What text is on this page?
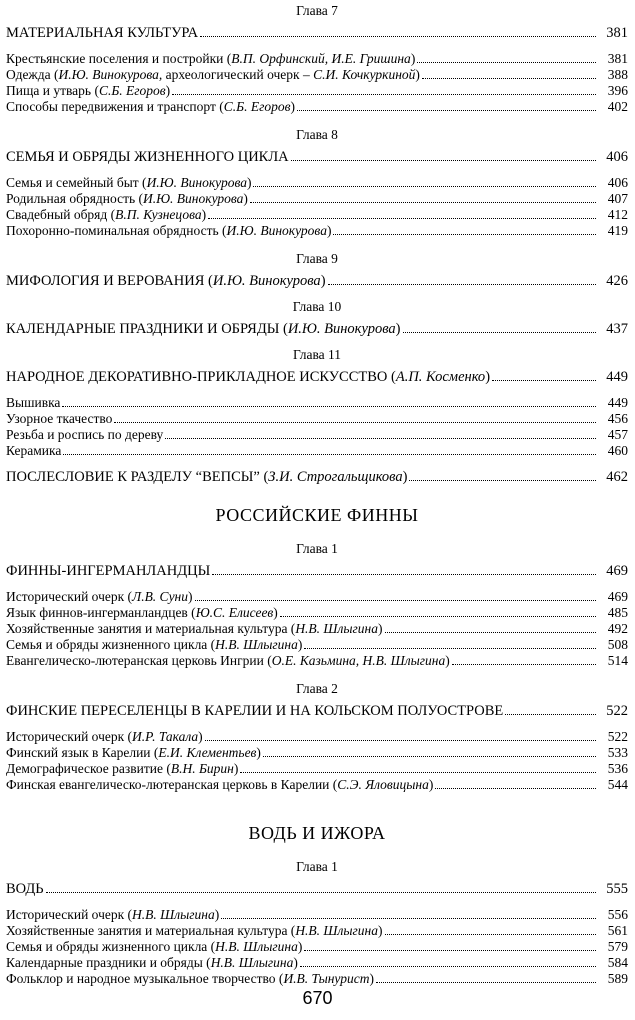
Глава 7
МАТЕРИАЛЬНАЯ КУЛЬТУРА	381
Крестьянские поселения и постройки (В.П. Орфинский, И.Е. Гришина)	381
Одежда (И.Ю. Винокурова, археологический очерк – С.И. Кочкуркиной)	388
Пища и утварь (С.Б. Егоров)	396
Способы передвижения и транспорт (С.Б. Егоров)	402
Глава 8
СЕМЬЯ И ОБРЯДЫ ЖИЗНЕННОГО ЦИКЛА	406
Семья и семейный быт (И.Ю. Винокурова)	406
Родильная обрядность (И.Ю. Винокурова)	407
Свадебный обряд (В.П. Кузнецова)	412
Похоронно-поминальная обрядность (И.Ю. Винокурова)	419
Глава 9
МИФОЛОГИЯ И ВЕРОВАНИЯ (И.Ю. Винокурова)	426
Глава 10
КАЛЕНДАРНЫЕ ПРАЗДНИКИ И ОБРЯДЫ (И.Ю. Винокурова)	437
Глава 11
НАРОДНОЕ ДЕКОРАТИВНО-ПРИКЛАДНОЕ ИСКУССТВО (А.П. Косменко)	449
Вышивка	449
Узорное ткачество	456
Резьба и роспись по дереву	457
Керамика	460
ПОСЛЕСЛОВИЕ К РАЗДЕЛУ “ВЕПСЫ” (З.И. Строгальщикова)	462
РОССИЙСКИЕ ФИННЫ
Глава 1
ФИННЫ-ИНГЕРМАНЛАНДЦЫ	469
Исторический очерк (Л.В. Суни)	469
Язык финнов-ингерманландцев (Ю.С. Елисеев)	485
Хозяйственные занятия и материальная культура (Н.В. Шлыгина)	492
Семья и обряды жизненного цикла (Н.В. Шлыгина)	508
Евангелическо-лютеранская церковь Ингрии (О.Е. Казьмина, Н.В. Шлыгина)	514
Глава 2
ФИНСКИЕ ПЕРЕСЕЛЕНЦЫ В КАРЕЛИИ И НА КОЛЬСКОМ ПОЛУОСТРОВЕ	522
Исторический очерк (И.Р. Такала)	522
Финский язык в Карелии (Е.И. Клементьев)	533
Демографическое развитие (В.Н. Бирин)	536
Финская евангелическо-лютеранская церковь в Карелии (С.Э. Яловицына)	544
ВОДЬ И ИЖОРА
Глава 1
ВОДЬ	555
Исторический очерк (Н.В. Шлыгина)	556
Хозяйственные занятия и материальная культура (Н.В. Шлыгина)	561
Семья и обряды жизненного цикла (Н.В. Шлыгина)	579
Календарные праздники и обряды (Н.В. Шлыгина)	584
Фольклор и народное музыкальное творчество (И.В. Тынурист)	589
670
